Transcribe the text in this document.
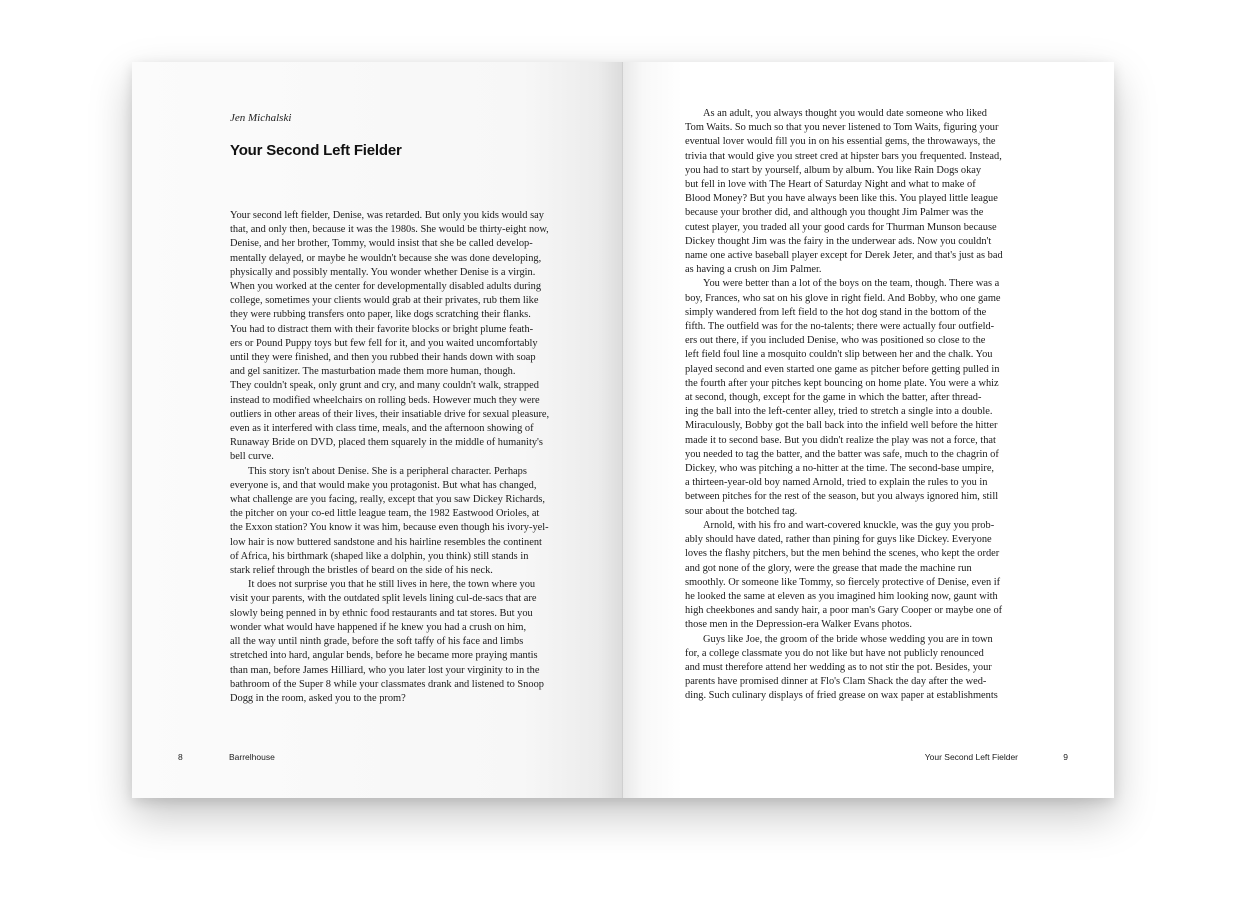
Jen Michalski
Your Second Left Fielder
Your second left fielder, Denise, was retarded. But only you kids would say
that, and only then, because it was the 1980s. She would be thirty-eight now,
Denise, and her brother, Tommy, would insist that she be called develop-
mentally delayed, or maybe he wouldn't because she was done developing,
physically and possibly mentally. You wonder whether Denise is a virgin.
When you worked at the center for developmentally disabled adults during
college, sometimes your clients would grab at their privates, rub them like
they were rubbing transfers onto paper, like dogs scratching their flanks.
You had to distract them with their favorite blocks or bright plume feath-
ers or Pound Puppy toys but few fell for it, and you waited uncomfortably
until they were finished, and then you rubbed their hands down with soap
and gel sanitizer. The masturbation made them more human, though.
They couldn't speak, only grunt and cry, and many couldn't walk, strapped
instead to modified wheelchairs on rolling beds. However much they were
outliers in other areas of their lives, their insatiable drive for sexual pleasure,
even as it interfered with class time, meals, and the afternoon showing of
Runaway Bride on DVD, placed them squarely in the middle of humanity's
bell curve.
This story isn't about Denise. She is a peripheral character. Perhaps
everyone is, and that would make you protagonist. But what has changed,
what challenge are you facing, really, except that you saw Dickey Richards,
the pitcher on your co-ed little league team, the 1982 Eastwood Orioles, at
the Exxon station? You know it was him, because even though his ivory-yel-
low hair is now buttered sandstone and his hairline resembles the continent
of Africa, his birthmark (shaped like a dolphin, you think) still stands in
stark relief through the bristles of beard on the side of his neck.
It does not surprise you that he still lives in here, the town where you
visit your parents, with the outdated split levels lining cul-de-sacs that are
slowly being penned in by ethnic food restaurants and tat stores. But you
wonder what would have happened if he knew you had a crush on him,
all the way until ninth grade, before the soft taffy of his face and limbs
stretched into hard, angular bends, before he became more praying mantis
than man, before James Hilliard, who you later lost your virginity to in the
bathroom of the Super 8 while your classmates drank and listened to Snoop
Dogg in the room, asked you to the prom?
8	Barrelhouse
As an adult, you always thought you would date someone who liked
Tom Waits. So much so that you never listened to Tom Waits, figuring your
eventual lover would fill you in on his essential gems, the throwaways, the
trivia that would give you street cred at hipster bars you frequented. Instead,
you had to start by yourself, album by album. You like Rain Dogs okay
but fell in love with The Heart of Saturday Night and what to make of
Blood Money? But you have always been like this. You played little league
because your brother did, and although you thought Jim Palmer was the
cutest player, you traded all your good cards for Thurman Munson because
Dickey thought Jim was the fairy in the underwear ads. Now you couldn't
name one active baseball player except for Derek Jeter, and that's just as bad
as having a crush on Jim Palmer.
You were better than a lot of the boys on the team, though. There was a
boy, Frances, who sat on his glove in right field. And Bobby, who one game
simply wandered from left field to the hot dog stand in the bottom of the
fifth. The outfield was for the no-talents; there were actually four outfield-
ers out there, if you included Denise, who was positioned so close to the
left field foul line a mosquito couldn't slip between her and the chalk. You
played second and even started one game as pitcher before getting pulled in
the fourth after your pitches kept bouncing on home plate. You were a whiz
at second, though, except for the game in which the batter, after thread-
ing the ball into the left-center alley, tried to stretch a single into a double.
Miraculously, Bobby got the ball back into the infield well before the hitter
made it to second base. But you didn't realize the play was not a force, that
you needed to tag the batter, and the batter was safe, much to the chagrin of
Dickey, who was pitching a no-hitter at the time. The second-base umpire,
a thirteen-year-old boy named Arnold, tried to explain the rules to you in
between pitches for the rest of the season, but you always ignored him, still
sour about the botched tag.
Arnold, with his fro and wart-covered knuckle, was the guy you prob-
ably should have dated, rather than pining for guys like Dickey. Everyone
loves the flashy pitchers, but the men behind the scenes, who kept the order
and got none of the glory, were the grease that made the machine run
smoothly. Or someone like Tommy, so fiercely protective of Denise, even if
he looked the same at eleven as you imagined him looking now, gaunt with
high cheekbones and sandy hair, a poor man's Gary Cooper or maybe one of
those men in the Depression-era Walker Evans photos.
Guys like Joe, the groom of the bride whose wedding you are in town
for, a college classmate you do not like but have not publicly renounced
and must therefore attend her wedding as to not stir the pot. Besides, your
parents have promised dinner at Flo's Clam Shack the day after the wed-
ding. Such culinary displays of fried grease on wax paper at establishments
Your Second Left Fielder	9
